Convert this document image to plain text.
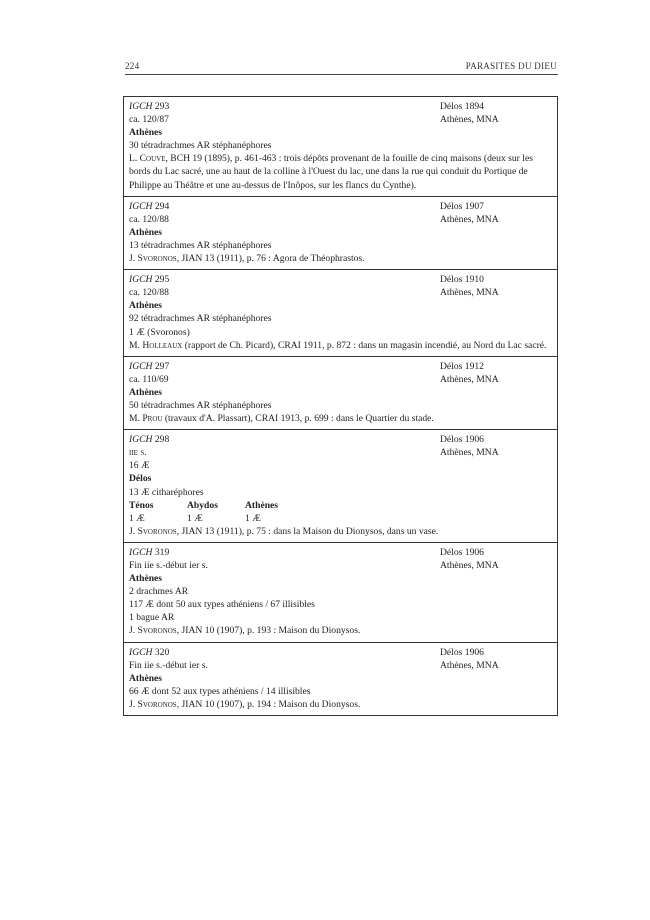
224	PARASITES DU DIEU
IGCH 293	Délos 1894
ca. 120/87	Athènes, MNA
Athènes
30 tétradrachmes AR stéphanéphores
L. Couve, BCH 19 (1895), p. 461-463 : trois dépôts provenant de la fouille de cinq maisons (deux sur les bords du Lac sacré, une au haut de la colline à l'Ouest du lac, une dans la rue qui conduit du Portique de Philippe au Théâtre et une au-dessus de l'Inôpos, sur les flancs du Cynthe).
IGCH 294	Délos 1907
ca. 120/88	Athènes, MNA
Athènes
13 tétradrachmes AR stéphanéphores
J. Svoronos, JIAN 13 (1911), p. 76 : Agora de Théophrastos.
IGCH 295	Délos 1910
ca. 120/88	Athènes, MNA
Athènes
92 tétradrachmes AR stéphanéphores
1 Æ (Svoronos)
M. Holleaux (rapport de Ch. Picard), CRAI 1911, p. 872 : dans un magasin incendié, au Nord du Lac sacré.
IGCH 297	Délos 1912
ca. 110/69	Athènes, MNA
Athènes
50 tétradrachmes AR stéphanéphores
M. Prou (travaux d'A. Plassart), CRAI 1913, p. 699 : dans le Quartier du stade.
IGCH 298	Délos 1906
iie s.	Athènes, MNA
16 Æ
Délos
13 Æ citharéphores
Ténos	Abydos	Athènes
1 Æ	1 Æ	1 Æ
J. Svoronos, JIAN 13 (1911), p. 75 : dans la Maison du Dionysos, dans un vase.
IGCH 319	Délos 1906
Fin iie s.-début ier s.	Athènes, MNA
Athènes
2 drachmes AR
117 Æ dont 50 aux types athéniens / 67 illisibles
1 bague AR
J. Svoronos, JIAN 10 (1907), p. 193 : Maison du Dionysos.
IGCH 320	Délos 1906
Fin iie s.-début ier s.	Athènes, MNA
Athènes
66 Æ dont 52 aux types athéniens / 14 illisibles
J. Svoronos, JIAN 10 (1907), p. 194 : Maison du Dionysos.
